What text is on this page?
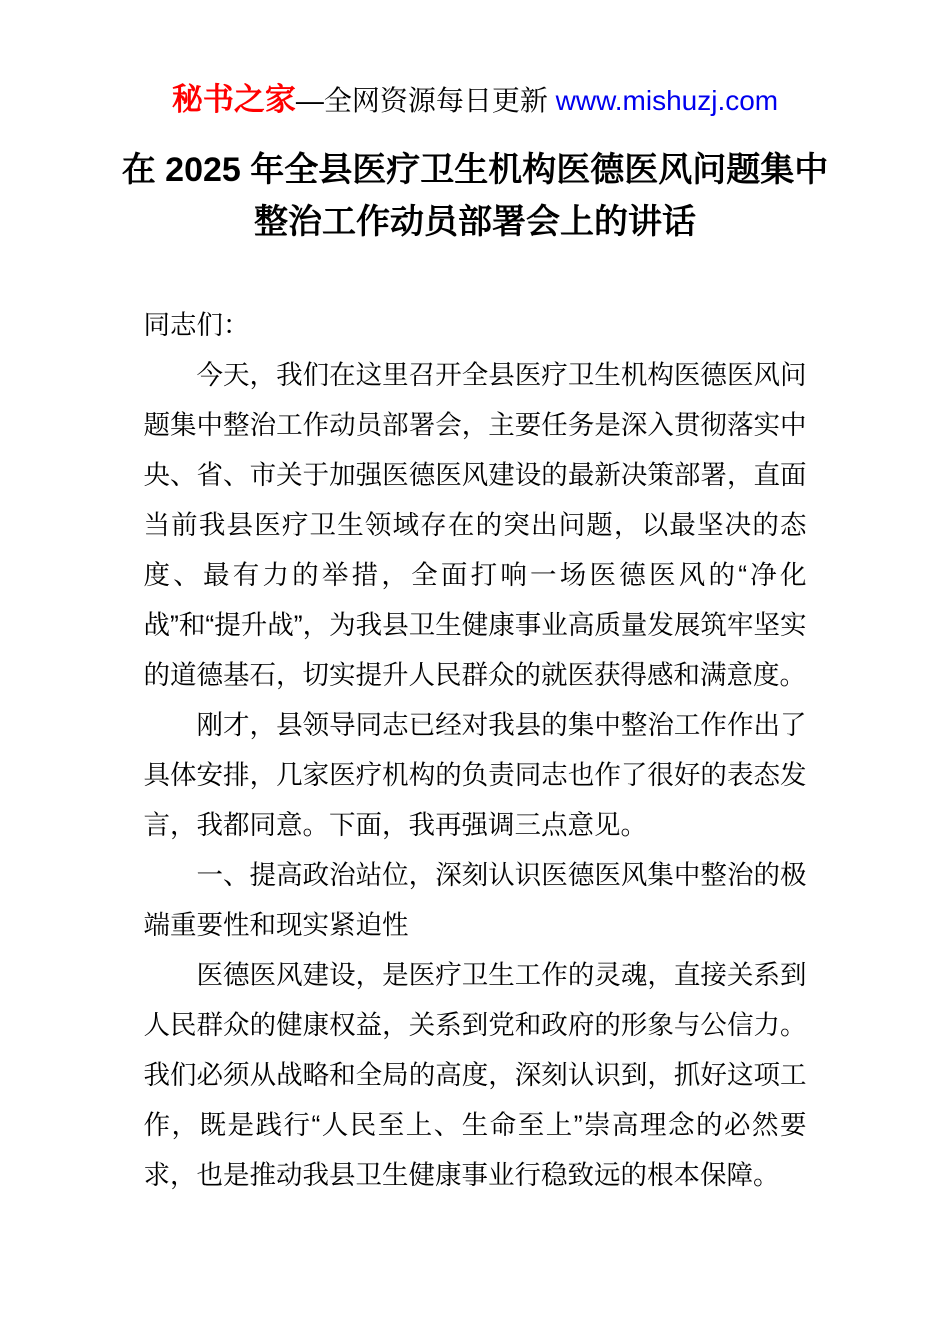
秘书之家—全网资源每日更新 www.mishuzj.com
在 2025 年全县医疗卫生机构医德医风问题集中整治工作动员部署会上的讲话

同志们：

今天，我们在这里召开全县医疗卫生机构医德医风问题集中整治工作动员部署会，主要任务是深入贯彻落实中央、省、市关于加强医德医风建设的最新决策部署，直面当前我县医疗卫生领域存在的突出问题，以最坚决的态度、最有力的举措，全面打响一场医德医风的“净化战”和“提升战”，为我县卫生健康事业高质量发展筑牢坚实的道德基石，切实提升人民群众的就医获得感和满意度。

刚才，县领导同志已经对我县的集中整治工作作出了具体安排，几家医疗机构的负责同志也作了很好的表态发言，我都同意。下面，我再强调三点意见。

一、提高政治站位，深刻认识医德医风集中整治的极端重要性和现实紧迫性

医德医风建设，是医疗卫生工作的灵魂，直接关系到人民群众的健康权益，关系到党和政府的形象与公信力。我们必须从战略和全局的高度，深刻认识到，抓好这项工作，既是践行“人民至上、生命至上”崇高理念的必然要求，也是推动我县卫生健康事业行稳致远的根本保障。
